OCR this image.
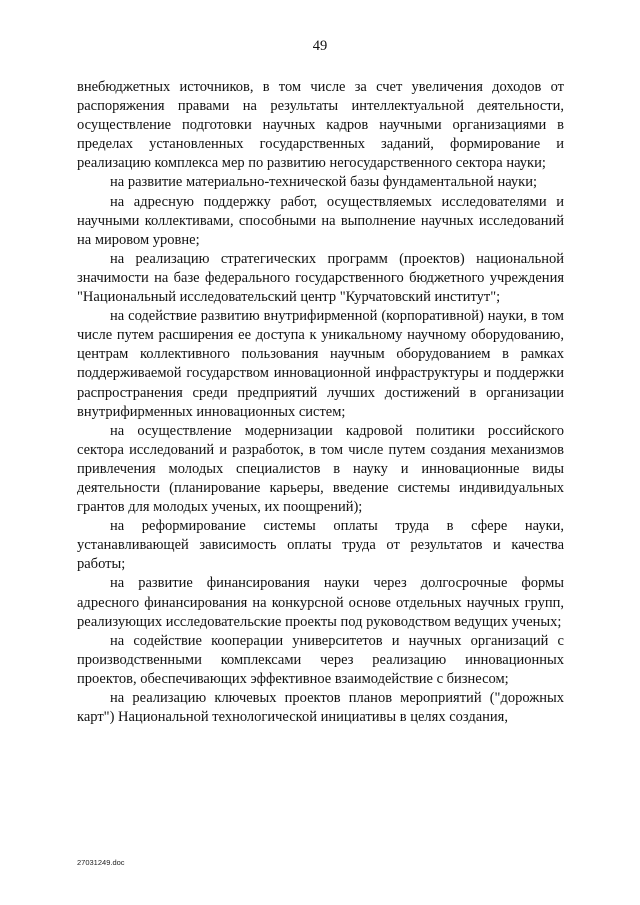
49

внебюджетных источников, в том числе за счет увеличения доходов от распоряжения правами на результаты интеллектуальной деятельности, осуществление подготовки научных кадров научными организациями в пределах установленных государственных заданий, формирование и реализацию комплекса мер по развитию негосударственного сектора науки;

на развитие материально-технической базы фундаментальной науки;

на адресную поддержку работ, осуществляемых исследователями и научными коллективами, способными на выполнение научных исследований на мировом уровне;

на реализацию стратегических программ (проектов) национальной значимости на базе федерального государственного бюджетного учреждения "Национальный исследовательский центр "Курчатовский институт";

на содействие развитию внутрифирменной (корпоративной) науки, в том числе путем расширения ее доступа к уникальному научному оборудованию, центрам коллективного пользования научным оборудованием в рамках поддерживаемой государством инновационной инфраструктуры и поддержки распространения среди предприятий лучших достижений в организации внутрифирменных инновационных систем;

на осуществление модернизации кадровой политики российского сектора исследований и разработок, в том числе путем создания механизмов привлечения молодых специалистов в науку и инновационные виды деятельности (планирование карьеры, введение системы индивидуальных грантов для молодых ученых, их поощрений);

на реформирование системы оплаты труда в сфере науки, устанавливающей зависимость оплаты труда от результатов и качества работы;

на развитие финансирования науки через долгосрочные формы адресного финансирования на конкурсной основе отдельных научных групп, реализующих исследовательские проекты под руководством ведущих ученых;

на содействие кооперации университетов и научных организаций с производственными комплексами через реализацию инновационных проектов, обеспечивающих эффективное взаимодействие с бизнесом;

на реализацию ключевых проектов планов мероприятий ("дорожных карт") Национальной технологической инициативы в целях создания,

27031249.doc
